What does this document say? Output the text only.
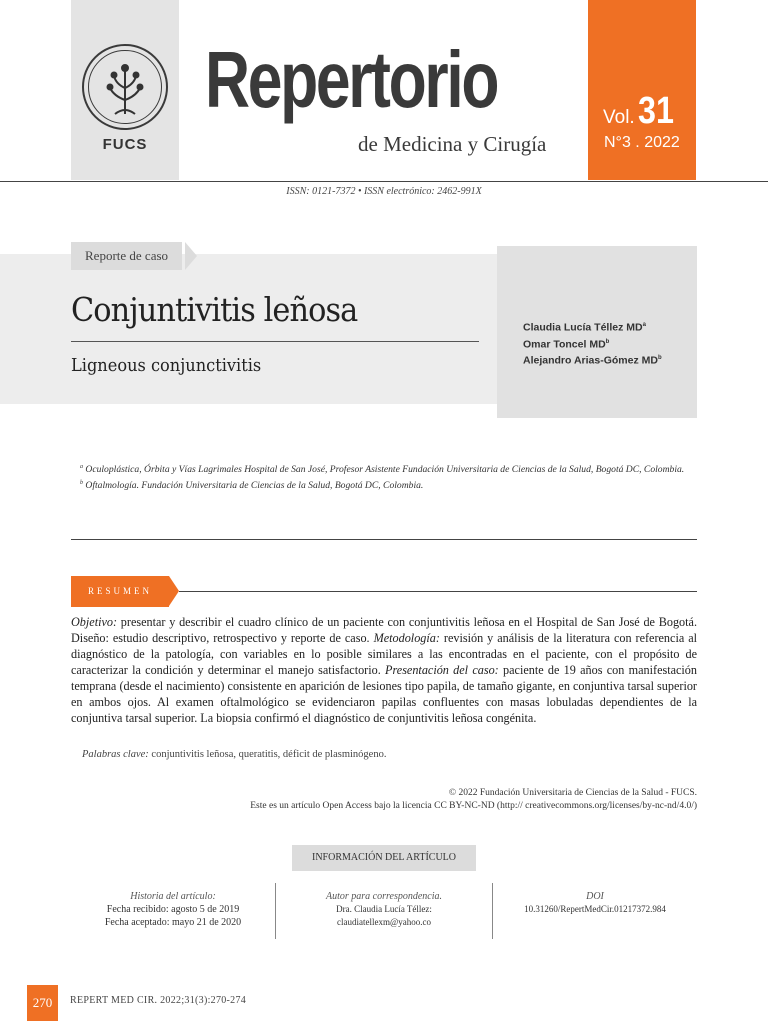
FUCS
Repertorio
de Medicina y Cirugía
Vol. 31
N°3 . 2022
ISSN: 0121-7372 • ISSN electrónico: 2462-991X
Reporte de caso
Conjuntivitis leñosa
Ligneous conjunctivitis
Claudia Lucía Téllez $MD^a$
Omar Toncel $MD^b$
Alejandro Arias-Gómez $MD^b$
$^a$ Oculoplástica, Órbita y Vías Lagrimales Hospital de San José, Profesor Asistente Fundación Universitaria de Ciencias de la Salud, Bogotá DC, Colombia.
$^b$ Oftalmología. Fundación Universitaria de Ciencias de la Salud, Bogotá DC, Colombia.
RESUMEN
Objetivo: presentar y describir el cuadro clínico de un paciente con conjuntivitis leñosa en el Hospital de San José de Bogotá. Diseño: estudio descriptivo, retrospectivo y reporte de caso. Metodología: revisión y análisis de la literatura con referencia al diagnóstico de la patología, con variables en lo posible similares a las encontradas en el paciente, con el propósito de caracterizar la condición y determinar el manejo satisfactorio. Presentación del caso: paciente de 19 años con manifestación temprana (desde el nacimiento) consistente en aparición de lesiones tipo papila, de tamaño gigante, en conjuntiva tarsal superior en ambos ojos. Al examen oftalmológico se evidenciaron papilas confluentes con masas lobuladas dependientes de la conjuntiva tarsal superior. La biopsia confirmó el diagnóstico de conjuntivitis leñosa congénita.
Palabras clave: conjuntivitis leñosa, queratitis, déficit de plasminógeno.
© 2022 Fundación Universitaria de Ciencias de la Salud - FUCS.
Este es un artículo Open Access bajo la licencia CC BY-NC-ND (http:// creativecommons.org/licenses/by-nc-nd/4.0/)
INFORMACIÓN DEL ARTÍCULO
Historia del artículo:
Fecha recibido: agosto 5 de 2019
Fecha aceptado: mayo 21 de 2020
Autor para correspondencia.
Dra. Claudia Lucía Téllez:
claudiatellexm@yahoo.co
DOI
10.31260/RepertMedCir.01217372.984
270	REPERT MED CIR. 2022;31(3):270-274
